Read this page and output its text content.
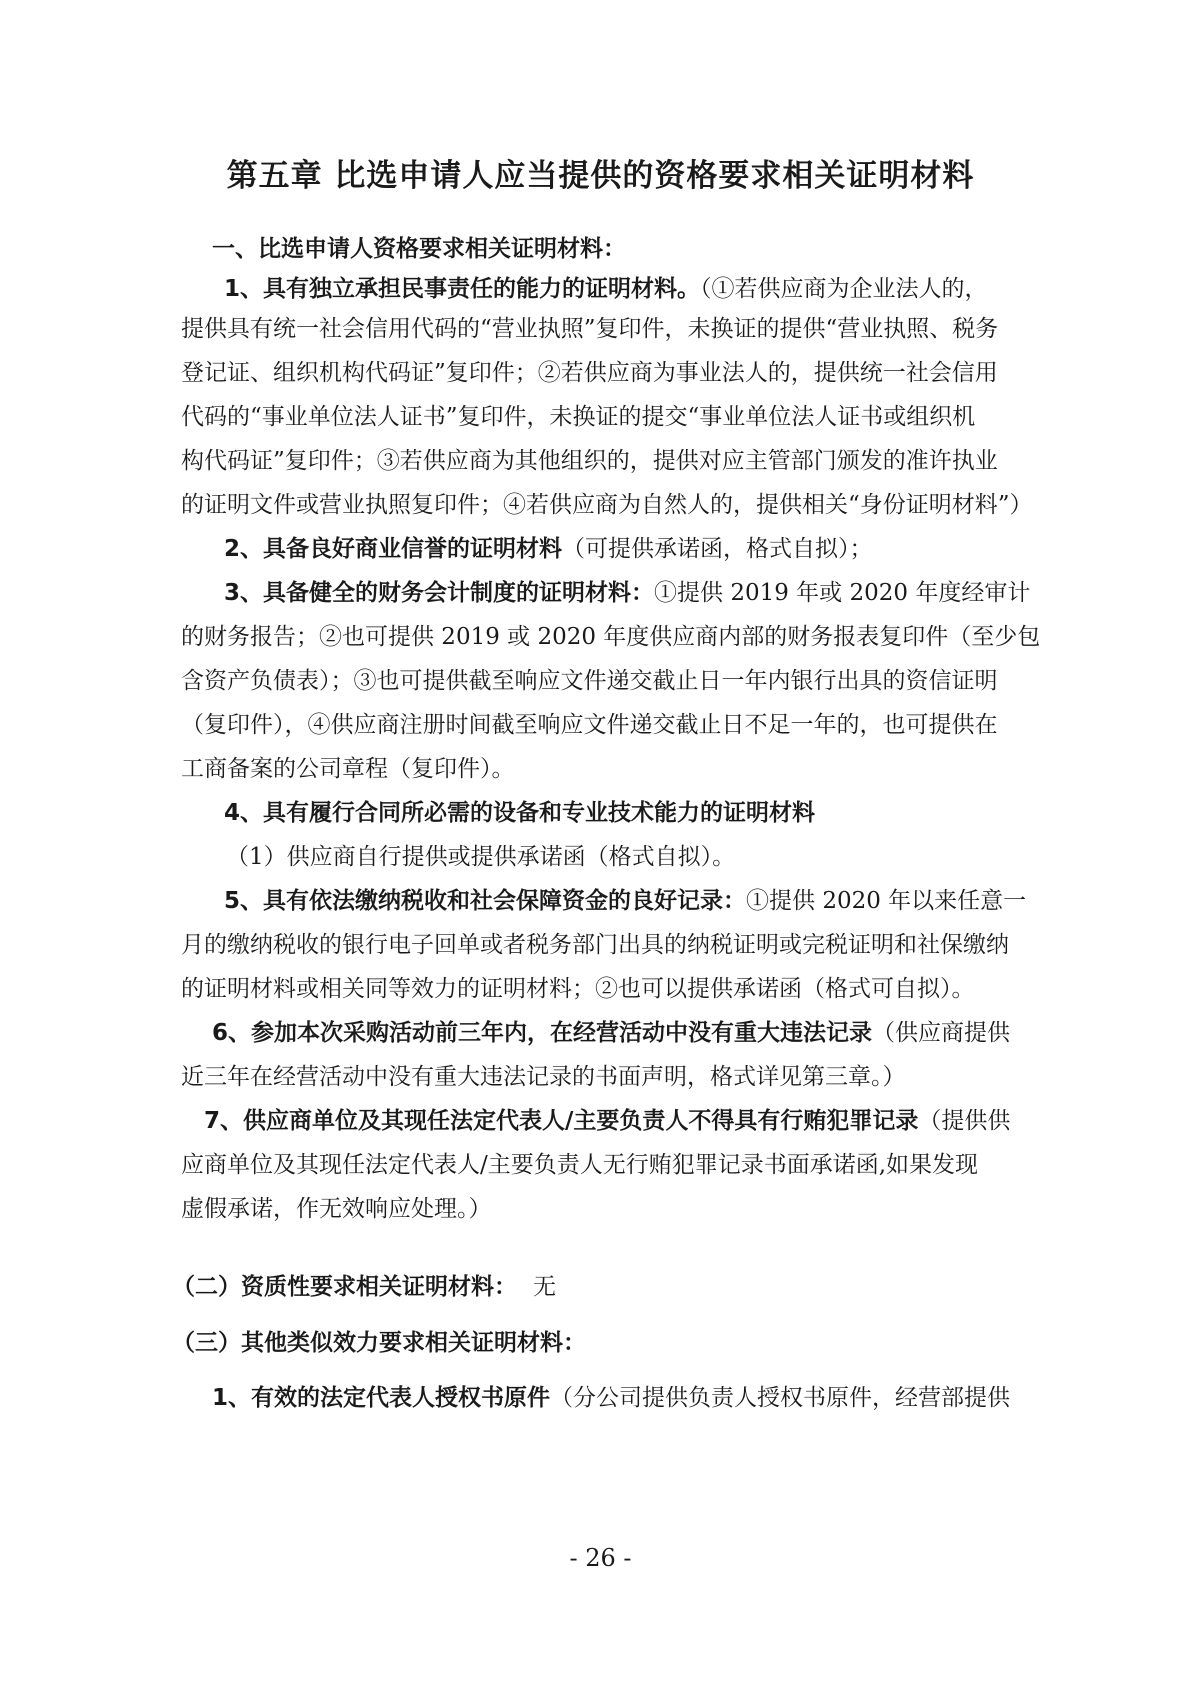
第五章 比选申请人应当提供的资格要求相关证明材料
一、比选申请人资格要求相关证明材料：
1、具有独立承担民事责任的能力的证明材料。（①若供应商为企业法人的，
提供具有统一社会信用代码的“营业执照”复印件，未换证的提供“营业执照、税务
登记证、组织机构代码证”复印件；②若供应商为事业法人的，提供统一社会信用
代码的“事业单位法人证书”复印件，未换证的提交“事业单位法人证书或组织机
构代码证”复印件；③若供应商为其他组织的，提供对应主管部门颁发的准许执业
的证明文件或营业执照复印件；④若供应商为自然人的，提供相关“身份证明材料”）
2、具备良好商业信誉的证明材料（可提供承诺函，格式自拟）；
3、具备健全的财务会计制度的证明材料：①提供 2019 年或 2020 年度经审计
的财务报告；②也可提供 2019 或 2020 年度供应商内部的财务报表复印件（至少包
含资产负债表）；③也可提供截至响应文件递交截止日一年内银行出具的资信证明
（复印件），④供应商注册时间截至响应文件递交截止日不足一年的，也可提供在
工商备案的公司章程（复印件）。
4、具有履行合同所必需的设备和专业技术能力的证明材料
（1）供应商自行提供或提供承诺函（格式自拟）。
5、具有依法缴纳税收和社会保障资金的良好记录：①提供 2020 年以来任意一
月的缴纳税收的银行电子回单或者税务部门出具的纳税证明或完税证明和社保缴纳
的证明材料或相关同等效力的证明材料；②也可以提供承诺函（格式可自拟）。
6、参加本次采购活动前三年内，在经营活动中没有重大违法记录（供应商提供
近三年在经营活动中没有重大违法记录的书面声明，格式详见第三章。）
7、供应商单位及其现任法定代表人/主要负责人不得具有行贿犯罪记录（提供供
应商单位及其现任法定代表人/主要负责人无行贿犯罪记录书面承诺函,如果发现
虚假承诺，作无效响应处理。）
（二）资质性要求相关证明材料： 无
（三）其他类似效力要求相关证明材料：
1、有效的法定代表人授权书原件（分公司提供负责人授权书原件，经营部提供
- 26 -
